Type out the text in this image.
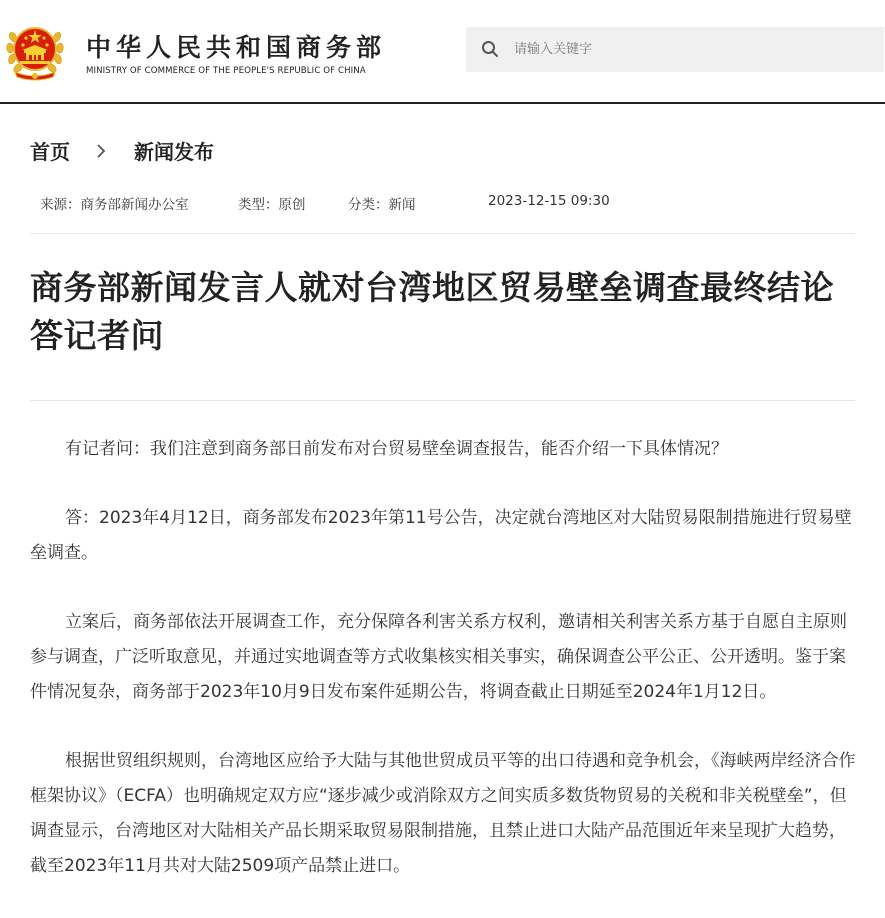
中华人民共和国商务部
MINISTRY OF COMMERCE OF THE PEOPLE'S REPUBLIC OF CHINA
请输入关键字
首页	新闻发布
来源：商务部新闻办公室	类型：原创	分类：新闻	2023-12-15 09:30
商务部新闻发言人就对台湾地区贸易壁垒调查最终结论答记者问

有记者问：我们注意到商务部日前发布对台贸易壁垒调查报告，能否介绍一下具体情况？

答：2023年4月12日，商务部发布2023年第11号公告，决定就台湾地区对大陆贸易限制措施进行贸易壁垒调查。

立案后，商务部依法开展调查工作，充分保障各利害关系方权利，邀请相关利害关系方基于自愿自主原则参与调查，广泛听取意见，并通过实地调查等方式收集核实相关事实，确保调查公平公正、公开透明。鉴于案件情况复杂，商务部于2023年10月9日发布案件延期公告，将调查截止日期延至2024年1月12日。

根据世贸组织规则，台湾地区应给予大陆与其他世贸成员平等的出口待遇和竞争机会，《海峡两岸经济合作框架协议》（ECFA）也明确规定双方应“逐步减少或消除双方之间实质多数货物贸易的关税和非关税壁垒”，但调查显示，台湾地区对大陆相关产品长期采取贸易限制措施，且禁止进口大陆产品范围近年来呈现扩大趋势，截至2023年11月共对大陆2509项产品禁止进口。
